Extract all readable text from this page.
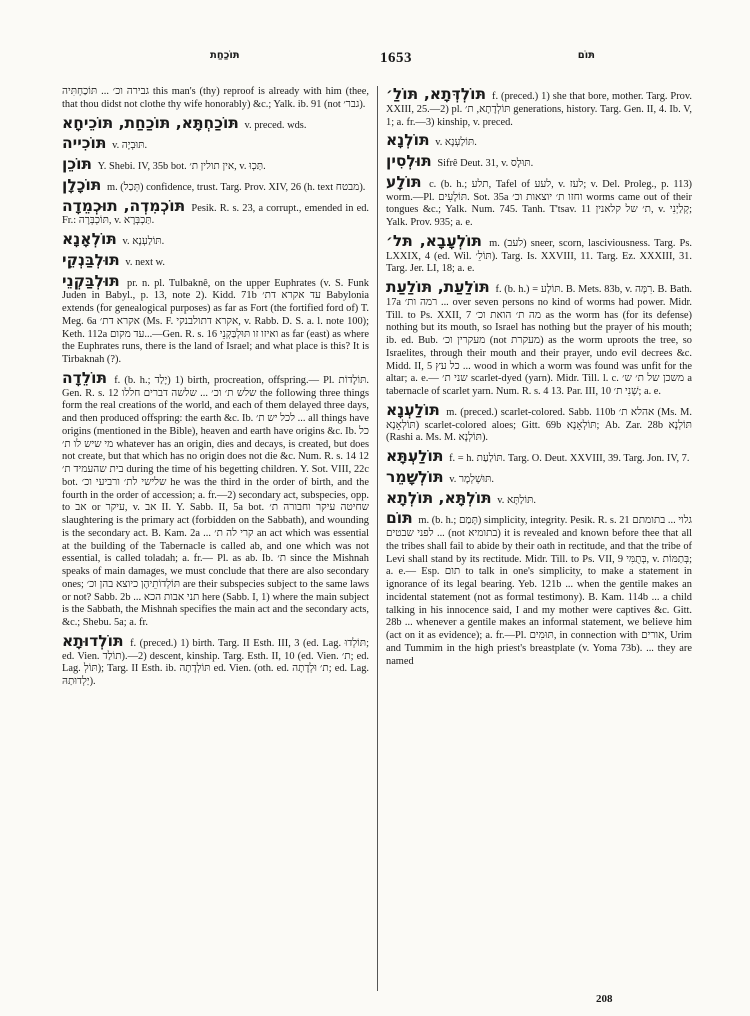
תּוֹכַחַת	1653	תּוֹם

גבירה וכ׳ ... תּוֹכַחְתִּיה this man's (thy) reproof is already with him (thee, that thou didst not clothe thy wife honorably) &c.; Yalk. ib. 91 (not גבר׳).

תּוֹכַחְתָּא, תּוֹכַחַת, תּוֹכֵיחָא v. preced. wds.

תּוֹכִייה v. תּוּבְיָה.

תּוֹכֵן Y. Shebi. IV, 35b bot. אין תולין ת׳, v. תַּכְוּ.

תּוֹכָלָן m. (תְּכַל) confidence, trust. Targ. Prov. XIV, 26 (h. text מבטח).

תּוֹכְמִדְה, תוּכְמֵדָה Pesik. R. s. 23, a corrupt., emended in ed. Fr.: תּוֹכְבְּרָה, v. תַּכְבְּרָא.

תּוֹלְאָנָא v. תּוֹלַעְנָא.

תּוּלְבַּנְקֵי v. next w.

תּוּלְבַּקְנֵי pr. n. pl. Tulbaknê, on the upper Euphrates (v. S. Funk Juden in Babyl., p. 13, note 2). Kidd. 71b עד אקרא דת׳ Babylonia extends (for genealogical purposes) as far as Fort (the fortified ford of) T. Meg. 6a אקרא דת׳ (Ms. F. אקרא דתולבנקי, v. Rabb. D. S. a. l. note 100); Keth. 112a עד מקום...—Gen. R. s. 16 ואיזו זו תּוּלְבַּקְנֵי as far (east) as where the Euphrates runs, there is the land of Israel; and what place is this? It is Tirbaknah (?).

תּוֹלֵדָה f. (b. h.; יָלַד) 1) birth, procreation, offspring.— Pl. תּוֹלָדוֹת. Gen. R. s. 12 שלש ת׳ וכ׳ ... שלשה דברים חללו the following three things form the real creations of the world, and each of them delayed three days, and then produced offspring: the earth &c. Ib. לכל יש ת׳ ... all things have origins (mentioned in the Bible), heaven and earth have origins &c. Ib. כל מי שיש לו ת׳ whatever has an origin, dies and decays, is created, but does not create, but that which has no origin does not die &c. Num. R. s. 14 12 בית שהעמיד ת׳ during the time of his begetting children. Y. Sot. VIII, 22c bot. שלישי לת׳ ורביעי וכ׳ he was the third in the order of birth, and the fourth in the order of accession; a. fr.—2) secondary act, subspecies, opp. to אב or עיקר, v. אב II. Y. Sabb. II, 5a bot. שחיטה עיקר וחבורה ת׳ slaughtering is the primary act (forbidden on the Sabbath), and wounding is the secondary act. B. Kam. 2a ... קרי לה ת׳ an act which was essential at the building of the Tabernacle is called ab, and one which was not essential, is called toladah; a. fr.— Pl. as ab. Ib. ת׳ since the Mishnah speaks of main damages, we must conclude that there are also secondary ones; תּוֹלְדוֹתֵיהֶן כיוצא בהן וכ׳ are their subspecies subject to the same laws or not? Sabb. 2b ... תני אבות הכא here (Sabb. I, 1) where the main subject is the Sabbath, the Mishnah specifies the main act and the secondary acts, &c.; Shebu. 5a; a. fr.

תּוֹלְדוּתָא f. (preced.) 1) birth. Targ. II Esth. III, 3 (ed. Lag. תּוֹלְדוּ; ed. Vien. תוֹלַד).—2) descent, kinship. Targ. Esth. II, 10 (ed. Vien. ת׳; ed. Lag. תּוֹלְ); Targ. II Esth. ib. תּוֹלְדָתָה ed. Vien. (oth. ed. ת׳ וּלְדָתָה; ed. Lag. יַלְדוּתַהּ).

תּוֹלְדְּתָא, תּוֹלַ׳ f. (preced.) 1) she that bore, mother. Targ. Prov. XXIII, 25.—2) pl. תּוֹלְדָתָא, ת׳ generations, history. Targ. Gen. II, 4. Ib. V, 1; a. fr.—3) kinship, v. preced.

תּוֹלְנָא v. תּוֹלַעְנָא.

תּוּלְסִין Sifrê Deut. 31, v. תּוּלָס.

תּוֹלָע c. (b. h.; תלע, Tafel of לעע, v. לעז; v. Del. Proleg., p. 113) worm.—Pl. תּוֹלָעִים. Sot. 35a וחזו ת׳ יוצאות וכ׳ worms came out of their tongues &c.; Yalk. Num. 745. Tanh. T'tsav. 11 ת׳ של קלאנין, v. קְלַיְנִי; Yalk. Prov. 935; a. e.

תּוֹלְעָבָא, תּל׳ m. (לעב) sneer, scorn, lasciviousness. Targ. Ps. LXXIX, 4 (ed. Wil. תּוֹלֵ׳). Targ. Is. XXVIII, 11. Targ. Ez. XXXIII, 31. Targ. Jer. LI, 18; a. e.

תּוֹלַעַת, תּוֹלַעַת f. (b. h.) = תּוֹלָע. B. Mets. 83b, v. רִמָּה. B. Bath. 17a רמה ות׳ ... over seven persons no kind of worms had power. Midr. Till. to Ps. XXII, 7 מה ת׳ הואת וכ׳ as the worm has (for its defense) nothing but its mouth, so Israel has nothing but the prayer of his mouth; ib. ed. Bub. מעקרין וכ׳ (not מעקרת) as the worm uproots the tree, so Israelites, through their mouth and their prayer, undo evil decrees &c. Midd. II, 5 כל עץ ... wood in which a worm was found was unfit for the altar; a. e.— שני ת׳ scarlet-dyed (yarn). Midr. Till. l. c. משכן של ת׳ ש׳ a tabernacle of scarlet yarn. Num. R. s. 4 13. Par. III, 10 שְׁנִי ת׳; a. e.

תּוֹלַעְנָא m. (preced.) scarlet-colored. Sabb. 110b אהלא ת׳ (Ms. M. תּוֹלְאָנָא) scarlet-colored aloes; Gitt. 69b תּוֹלְאָנָא; Ab. Zar. 28b תּוֹלְנָא (Rashi a. Ms. M. תּוֹלְנָא).

תּוֹלַעְתָּא f. = h. תּוֹלַעַת. Targ. O. Deut. XXVIII, 39. Targ. Jon. IV, 7.

תּוֹלְשָׁמֵר v. תּוּשְׁלְמָר.

תּוֹלְתָּא, תּוֹלְתָא v. תּוֹלַתָּא.

תּוֹם m. (b. h.; תָּמַם) simplicity, integrity. Pesik. R. s. 21 גלוי ... בתומתם לפני שבטים ... (not בתומיא) it is revealed and known before thee that all the tribes shall fail to abide by their oath in rectitude, and that the tribe of Levi shall stand by its rectitude. Midr. Till. to Ps. VII, 9 בְּתֻמִּי, v. בְּתַמּוֹת; a. e.— Esp. תום to talk in one's simplicity, to make a statement in ignorance of its legal bearing. Yeb. 121b ... when the gentile makes an incidental statement (not as formal testimony). B. Kam. 114b ... a child talking in his innocence said, I and my mother were captives &c. Gitt. 28b ... whenever a gentile makes an informal statement, we believe him (act on it as evidence); a. fr.—Pl. תּוּמִים, in connection with אורים, Urim and Tummim in the high priest's breastplate (v. Yoma 73b). ... they are named

208
